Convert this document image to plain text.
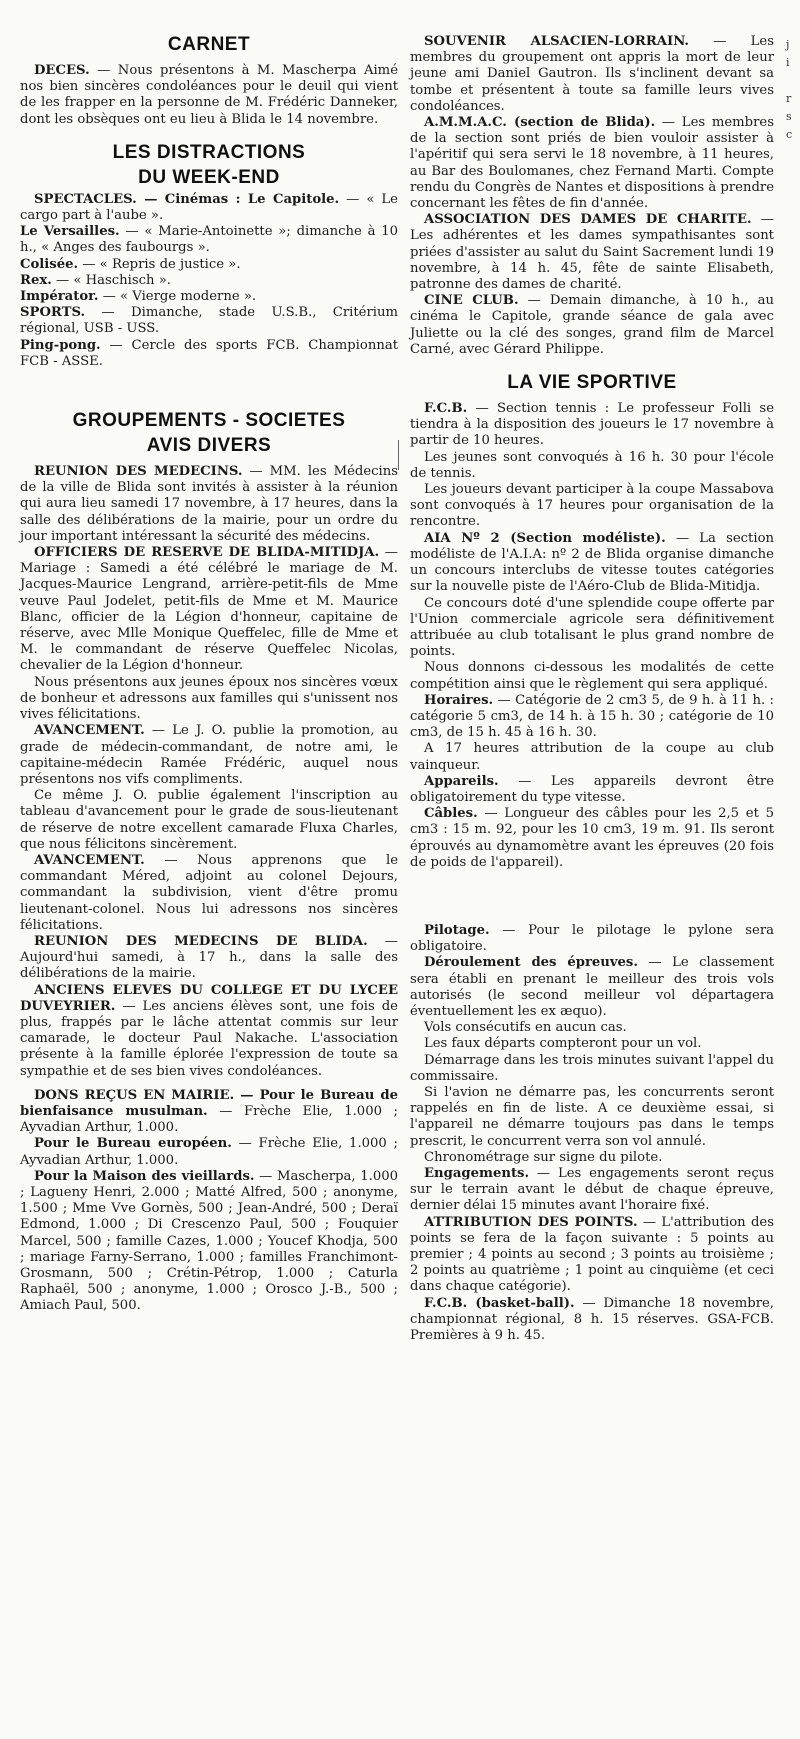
j
i
r
s
c
CARNET

DECES. — Nous présentons à M. Mascherpa Aimé nos bien sincères condoléances pour le deuil qui vient de les frapper en la personne de M. Frédéric Danneker, dont les obsèques ont eu lieu à Blida le 14 novembre.

LES DISTRACTIONS
DU WEEK-END

SPECTACLES. — Cinémas : Le Capitole. — « Le cargo part à l'aube ».

Le Versailles. — « Marie-Antoinette »; dimanche à 10 h., « Anges des faubourgs ».

Colisée. — « Repris de justice ».

Rex. — « Haschisch ».

Impérator. — « Vierge moderne ».

SPORTS. — Dimanche, stade U.S.B., Critérium régional, USB - USS.

Ping-pong. — Cercle des sports FCB. Championnat FCB - ASSE.

GROUPEMENTS - SOCIETES
AVIS DIVERS

REUNION DES MEDECINS. — MM. les Médecins de la ville de Blida sont invités à assister à la réunion qui aura lieu samedi 17 novembre, à 17 heures, dans la salle des délibérations de la mairie, pour un ordre du jour important intéressant la sécurité des médecins.

OFFICIERS DE RESERVE DE BLIDA-MITIDJA. — Mariage : Samedi a été célébré le mariage de M. Jacques-Maurice Lengrand, arrière-petit-fils de Mme veuve Paul Jodelet, petit-fils de Mme et M. Maurice Blanc, officier de la Légion d'honneur, capitaine de réserve, avec Mlle Monique Queffelec, fille de Mme et M. le commandant de réserve Queffelec Nicolas, chevalier de la Légion d'honneur.

Nous présentons aux jeunes époux nos sincères vœux de bonheur et adressons aux familles qui s'unissent nos vives félicitations.

AVANCEMENT. — Le J. O. publie la promotion, au grade de médecin-commandant, de notre ami, le capitaine-médecin Ramée Frédéric, auquel nous présentons nos vifs compliments.

Ce même J. O. publie également l'inscription au tableau d'avancement pour le grade de sous-lieutenant de réserve de notre excellent camarade Fluxa Charles, que nous félicitons sincèrement.

AVANCEMENT. — Nous apprenons que le commandant Méred, adjoint au colonel Dejours, commandant la subdivision, vient d'être promu lieutenant-colonel. Nous lui adressons nos sincères félicitations.

REUNION DES MEDECINS DE BLIDA. — Aujourd'hui samedi, à 17 h., dans la salle des délibérations de la mairie.

ANCIENS ELEVES DU COLLEGE ET DU LYCEE DUVEYRIER. — Les anciens élèves sont, une fois de plus, frappés par le lâche attentat commis sur leur camarade, le docteur Paul Nakache. L'association présente à la famille éplorée l'expression de toute sa sympathie et de ses bien vives condoléances.

DONS REÇUS EN MAIRIE. — Pour le Bureau de bienfaisance musulman. — Frèche Elie, 1.000 ; Ayvadian Arthur, 1.000.

Pour le Bureau européen. — Frèche Elie, 1.000 ; Ayvadian Arthur, 1.000.

Pour la Maison des vieillards. — Mascherpa, 1.000 ; Lagueny Henri, 2.000 ; Matté Alfred, 500 ; anonyme, 1.500 ; Mme Vve Gornès, 500 ; Jean-André, 500 ; Deraï Edmond, 1.000 ; Di Crescenzo Paul, 500 ; Fouquier Marcel, 500 ; famille Cazes, 1.000 ; Youcef Khodja, 500 ; mariage Farny-Serrano, 1.000 ; familles Franchimont-Grosmann, 500 ; Crétin-Pétrop, 1.000 ; Caturla Raphaël, 500 ; anonyme, 1.000 ; Orosco J.-B., 500 ; Amiach Paul, 500.

SOUVENIR ALSACIEN-LORRAIN. — Les membres du groupement ont appris la mort de leur jeune ami Daniel Gautron. Ils s'inclinent devant sa tombe et présentent à toute sa famille leurs vives condoléances.

A.M.M.A.C. (section de Blida). — Les membres de la section sont priés de bien vouloir assister à l'apéritif qui sera servi le 18 novembre, à 11 heures, au Bar des Boulomanes, chez Fernand Marti. Compte rendu du Congrès de Nantes et dispositions à prendre concernant les fêtes de fin d'année.

ASSOCIATION DES DAMES DE CHARITE. — Les adhérentes et les dames sympathisantes sont priées d'assister au salut du Saint Sacrement lundi 19 novembre, à 14 h. 45, fête de sainte Elisabeth, patronne des dames de charité.

CINE CLUB. — Demain dimanche, à 10 h., au cinéma le Capitole, grande séance de gala avec Juliette ou la clé des songes, grand film de Marcel Carné, avec Gérard Philippe.

LA VIE SPORTIVE

F.C.B. — Section tennis : Le professeur Folli se tiendra à la disposition des joueurs le 17 novembre à partir de 10 heures.

Les jeunes sont convoqués à 16 h. 30 pour l'école de tennis.

Les joueurs devant participer à la coupe Massabova sont convoqués à 17 heures pour organisation de la rencontre.

AIA Nº 2 (Section modéliste). — La section modéliste de l'A.I.A: nº 2 de Blida organise dimanche un concours interclubs de vitesse toutes catégories sur la nouvelle piste de l'Aéro-Club de Blida-Mitidja.

Ce concours doté d'une splendide coupe offerte par l'Union commerciale agricole sera définitivement attribuée au club totalisant le plus grand nombre de points.

Nous donnons ci-dessous les modalités de cette compétition ainsi que le règlement qui sera appliqué.

Horaires. — Catégorie de 2 cm3 5, de 9 h. à 11 h. : catégorie 5 cm3, de 14 h. à 15 h. 30 ; catégorie de 10 cm3, de 15 h. 45 à 16 h. 30.

A 17 heures attribution de la coupe au club vainqueur.

Appareils. — Les appareils devront être obligatoirement du type vitesse.

Câbles. — Longueur des câbles pour les 2,5 et 5 cm3 : 15 m. 92, pour les 10 cm3, 19 m. 91. Ils seront éprouvés au dynamomètre avant les épreuves (20 fois de poids de l'appareil).

Pilotage. — Pour le pilotage le pylone sera obligatoire.

Déroulement des épreuves. — Le classement sera établi en prenant le meilleur des trois vols autorisés (le second meilleur vol départagera éventuellement les ex æquo).

Vols consécutifs en aucun cas.

Les faux départs compteront pour un vol.

Démarrage dans les trois minutes suivant l'appel du commissaire.

Si l'avion ne démarre pas, les concurrents seront rappelés en fin de liste. A ce deuxième essai, si l'appareil ne démarre toujours pas dans le temps prescrit, le concurrent verra son vol annulé.

Chronométrage sur signe du pilote.

Engagements. — Les engagements seront reçus sur le terrain avant le début de chaque épreuve, dernier délai 15 minutes avant l'horaire fixé.

ATTRIBUTION DES POINTS. — L'attribution des points se fera de la façon suivante : 5 points au premier ; 4 points au second ; 3 points au troisième ; 2 points au quatrième ; 1 point au cinquième (et ceci dans chaque catégorie).

F.C.B. (basket-ball). — Dimanche 18 novembre, championnat régional, 8 h. 15 réserves. GSA-FCB. Premières à 9 h. 45.
